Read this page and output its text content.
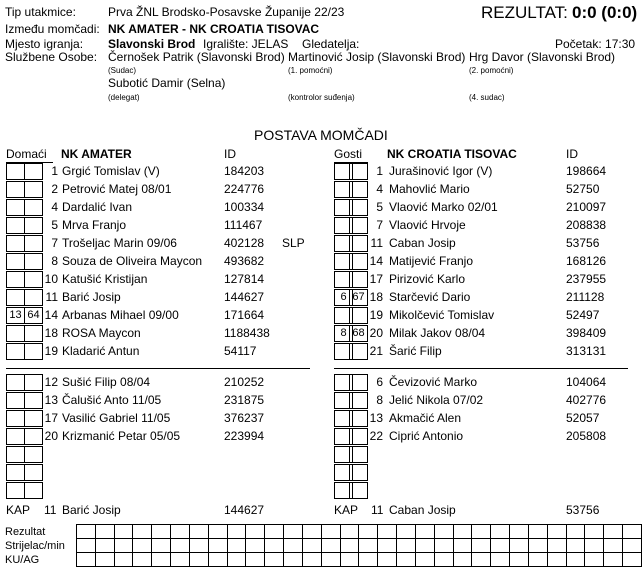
Tip utakmice:	Prva ŽNL Brodsko-Posavske Županije 22/23	REZULTAT: 0:0 (0:0)
Između momčadi: NK AMATER - NK CROATIA TISOVAC
Mjesto igranja: Slavonski Brod Igralište: JELAS Gledatelja:	Početak: 17:30
Službene Osobe: Černošek Patrik (Slavonski Brod) Martinović Josip (Slavonski Brod) Hrg Davor (Slavonski Brod)
(Sudac)	(1. pomoćni)	(2. pomoćni)
Subotić Damir (Selna)
(delegat)	(kontrolor suđenja)	(4. sudac)
POSTAVA MOMČADI
Domaći NK AMATER	ID	Gosti NK CROATIA TISOVAC	ID
1 Grgić Tomislav (V)	184203
2 Petrović Matej 08/01	224776
4 Dardalić Ivan	100334
5 Mrva Franjo	111467
7 Trošeljac Marin 09/06	402128 SLP
8 Souza de Oliveira Maycon 493682
10 Katušić Kristijan	127814
11 Barić Josip	144627
13 64 14 Arbanas Mihael 09/00	171664
18 ROSA Maycon	1188438
19 Kladarić Antun	54117
1 Jurašinović Igor (V)	198664
4 Mahovlić Mario	52750
5 Vlaović Marko 02/01	210097
7 Vlaović Hrvoje	208838
11 Caban Josip	53756
14 Matijević Franjo	168126
17 Pirizović Karlo	237955
6 67 18 Starčević Dario	211128
19 Mikolčević Tomislav	52497
8 68 20 Milak Jakov 08/04	398409
21 Šarić Filip	313131
12 Sušić Filip 08/04	210252
13 Čalušić Anto 11/05	231875
17 Vasilić Gabriel 11/05	376237
20 Krizmanić Petar 05/05	223994
6 Čevizović Marko	104064
8 Jelić Nikola 07/02	402776
13 Akmačić Alen	52057
22 Ciprić Antonio	205808
KAP 11 Barić Josip	144627	KAP 11 Caban Josip	53756
Rezultat
Strijelac/min
KU/AG
